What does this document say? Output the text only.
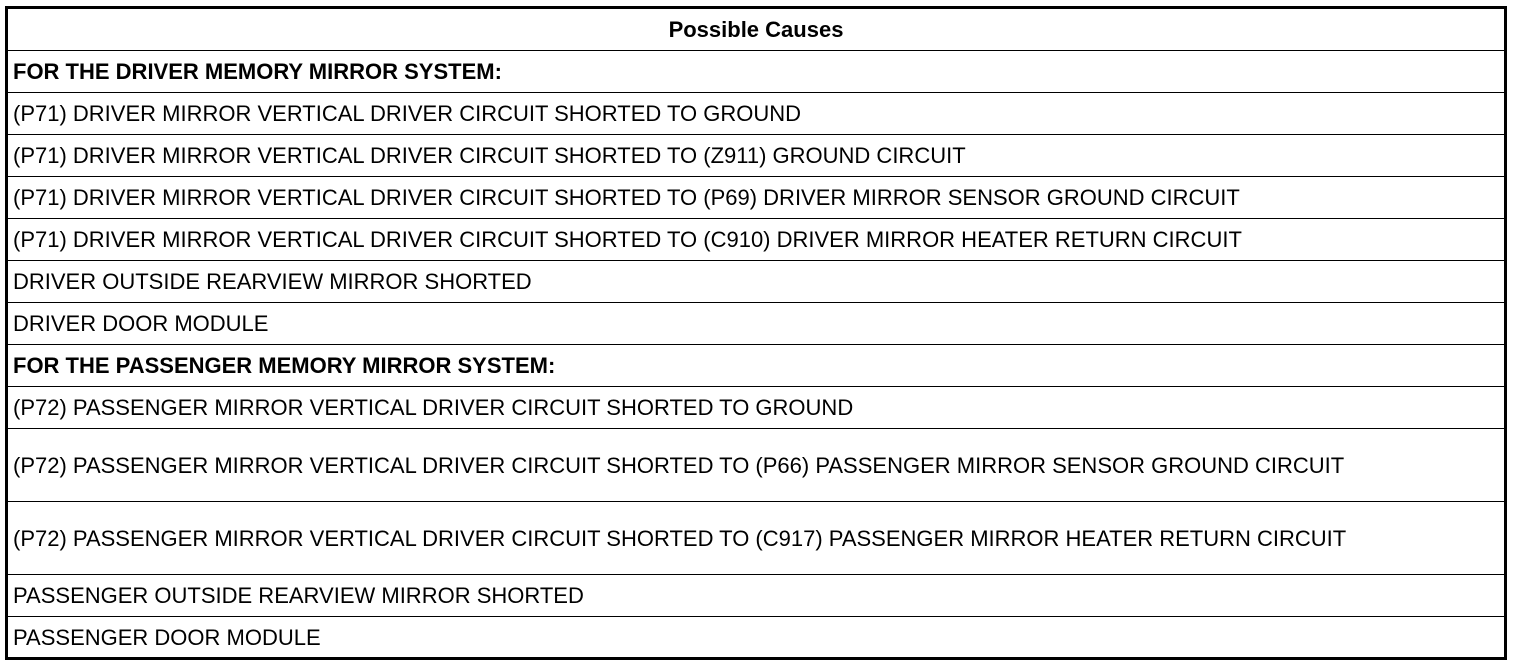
Possible Causes
FOR THE DRIVER MEMORY MIRROR SYSTEM:
(P71) DRIVER MIRROR VERTICAL DRIVER CIRCUIT SHORTED TO GROUND
(P71) DRIVER MIRROR VERTICAL DRIVER CIRCUIT SHORTED TO (Z911) GROUND CIRCUIT
(P71) DRIVER MIRROR VERTICAL DRIVER CIRCUIT SHORTED TO (P69) DRIVER MIRROR SENSOR GROUND CIRCUIT
(P71) DRIVER MIRROR VERTICAL DRIVER CIRCUIT SHORTED TO (C910) DRIVER MIRROR HEATER RETURN CIRCUIT
DRIVER OUTSIDE REARVIEW MIRROR SHORTED
DRIVER DOOR MODULE
FOR THE PASSENGER MEMORY MIRROR SYSTEM:
(P72) PASSENGER MIRROR VERTICAL DRIVER CIRCUIT SHORTED TO GROUND
(P72) PASSENGER MIRROR VERTICAL DRIVER CIRCUIT SHORTED TO (P66) PASSENGER MIRROR SENSOR GROUND CIRCUIT
(P72) PASSENGER MIRROR VERTICAL DRIVER CIRCUIT SHORTED TO (C917) PASSENGER MIRROR HEATER RETURN CIRCUIT
PASSENGER OUTSIDE REARVIEW MIRROR SHORTED
PASSENGER DOOR MODULE
